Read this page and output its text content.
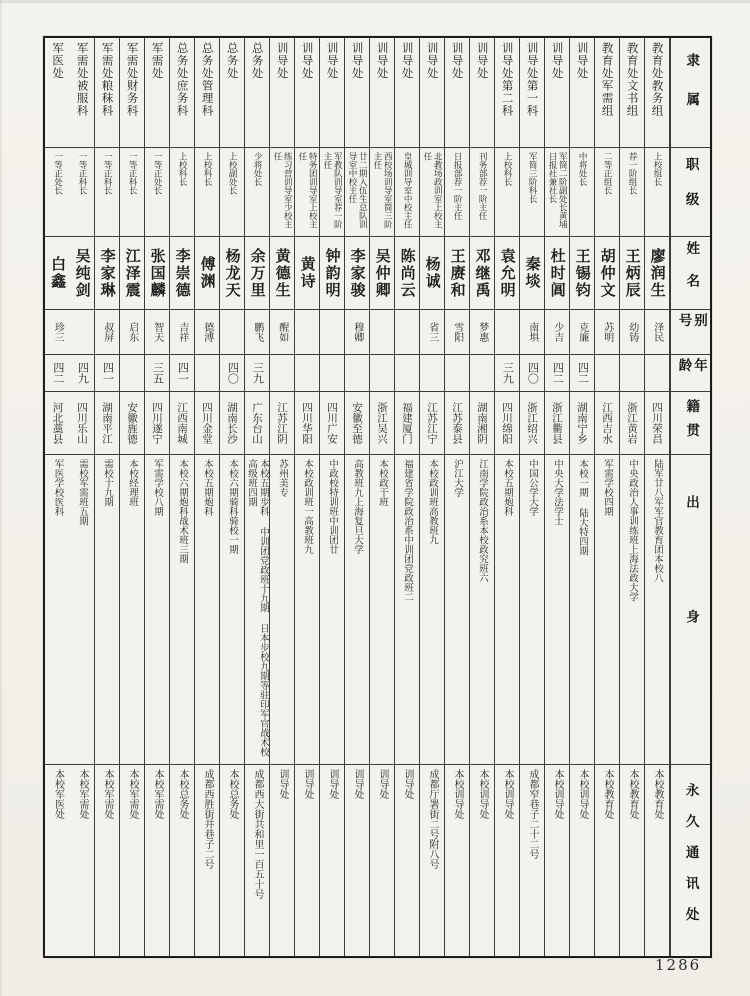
隶属
职级
姓名
别号
年龄
籍贯
出身
永久通讯处
教育处教务组
上校组长
廖润生
泽民
四川荣昌
陆军廿八军军官教育团本校八
本校教育处
教育处文书组
荐一阶组长
王炳辰
幼铸
浙江黄岩
中央政治人事训练班上海法政大学
本校教育处
教育处军需组
二等正组长
胡仲文
苏明
江西吉水
军需学校四期
本校教育处
训导处
中将处长
王锡钧
克廉
四二
湖南宁乡
本校一期 陆大特四期
本校训导处
训导处
军简二阶副处长黄埔日报社兼社长
杜时阊
少吉
四二
浙江衢县
中央大学法学士
本校训导处
训导处第一科
军简三阶科长
秦埮
南埧
四〇
浙江绍兴
中国公学大学
成都窄巷子二十二号
训导处第二科
上校科长
袁允明
三九
四川绵阳
本校五期炮科
本校训导处
训导处
刊务部荐一阶主任
邓继禹
梦惠
湖南湘阴
江南学院政治系本校政究班六
本校训导处
训导处
日报部荐一阶主任
王赓和
雪阳
江苏泰县
沪江大学
本校训导处
训导处
北教场政训室上校主任
杨诚
省三
江苏江宁
本校政训班高教班九
成都厅署街二号附八号
训导处
皇城训导室中校主任
陈尚云
福建厦门
福建省学院政治系中训团党政班二
训导处
训导处
西校场训导室简三阶主任
吴仲卿
浙江吴兴
本校政干班
训导处
训导处
廿二期入伍生总队训导室中校主任
李家骏
穆卿
安徽至德
高教班九上海复旦大学
训导处
训导处
军教队训导室荐一阶主任
钟韵明
四川广安
中政校特训班中训团廿
训导处
训导处
特务团训导室上校主任
黄诗
四川华阳
本校政训班一高教班九
训导处
训导处
练习营训导室少校主任
黄德生
醒如
江苏江阴
苏州美专
训导处
总务处
少将处长
余万里
鹏飞
三九
广东台山
本校五期步科 中训团党政班十九期 日本步校九期等驻印军官战术校高级班四期
成都西大街共和里一百五十号
总务处
上校副处长
杨龙天
四〇
湖南长沙
本校六期骑科骑校一期
本校总务处
总务处管理科
上校科长
傅渊
德溥
四川金堂
本校五期炮科
成都西胜街井巷子二号
总务处庶务科
上校科长
李崇德
吉祥
四一
江西南城
本校六期炮科战术班三期
本校总务处
军需处
一等正处长
张国麟
智天
三五
四川遂宁
军需学校八期
本校军需处
军需处财务科
一等正科长
江泽震
启东
安徽旌德
本校经理班
本校军需处
军需处粮秣科
一等正科长
李家琳
叔屏
四一
湖南平江
需校十九期
本校军需处
军需处被服科
一等正科长
吴纯剑
四九
四川乐山
需校军需班五期
本校军需处
军医处
一等正处长
白鑫
珍三
四二
河北藁县
军医学校医科
本校军医处
1286
